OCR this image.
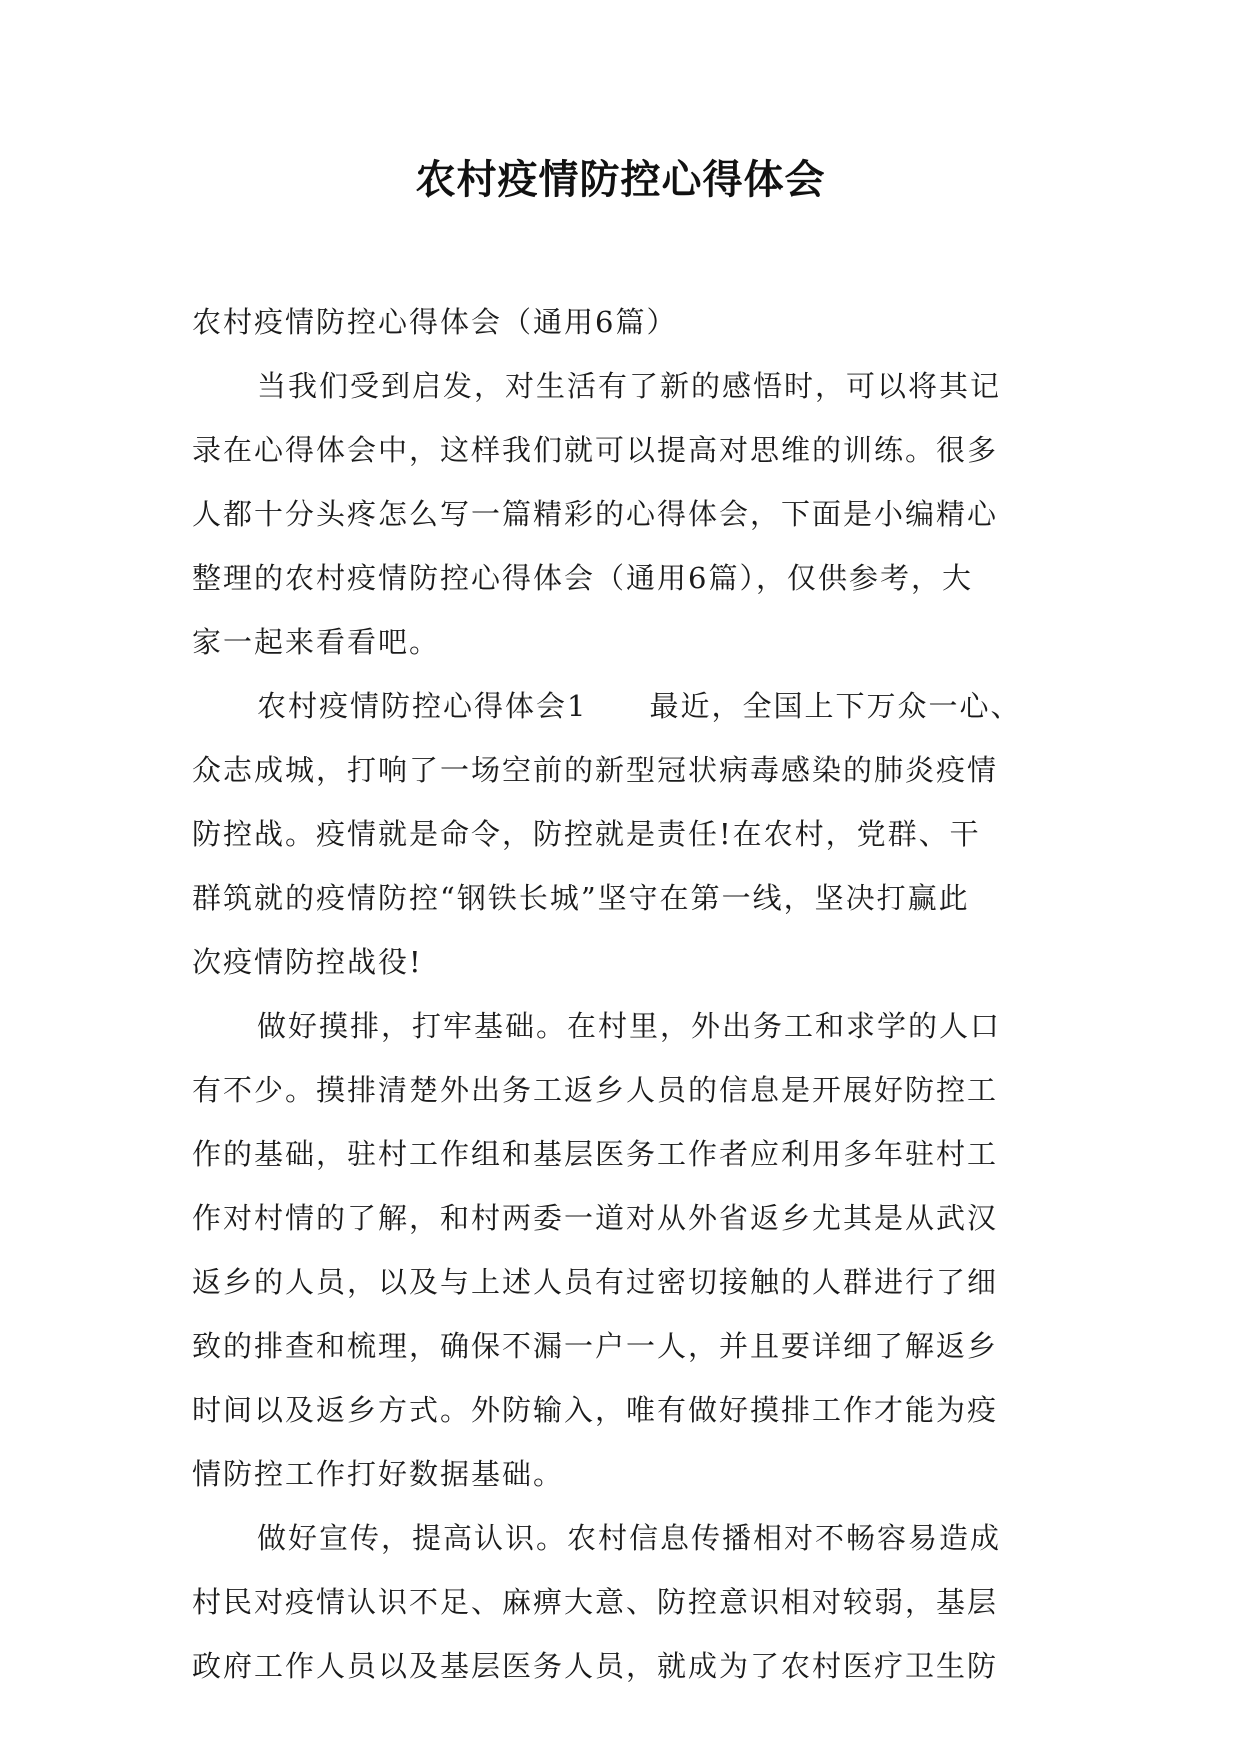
农村疫情防控心得体会
农村疫情防控心得体会（通用6篇）
当我们受到启发，对生活有了新的感悟时，可以将其记
录在心得体会中，这样我们就可以提高对思维的训练。很多
人都十分头疼怎么写一篇精彩的心得体会，下面是小编精心
整理的农村疫情防控心得体会（通用6篇），仅供参考，大
家一起来看看吧。
农村疫情防控心得体会1　　最近，全国上下万众一心、
众志成城，打响了一场空前的新型冠状病毒感染的肺炎疫情
防控战。疫情就是命令，防控就是责任!在农村，党群、干
群筑就的疫情防控“钢铁长城”坚守在第一线，坚决打赢此
次疫情防控战役!
做好摸排，打牢基础。在村里，外出务工和求学的人口
有不少。摸排清楚外出务工返乡人员的信息是开展好防控工
作的基础，驻村工作组和基层医务工作者应利用多年驻村工
作对村情的了解，和村两委一道对从外省返乡尤其是从武汉
返乡的人员，以及与上述人员有过密切接触的人群进行了细
致的排查和梳理，确保不漏一户一人，并且要详细了解返乡
时间以及返乡方式。外防输入，唯有做好摸排工作才能为疫
情防控工作打好数据基础。
做好宣传，提高认识。农村信息传播相对不畅容易造成
村民对疫情认识不足、麻痹大意、防控意识相对较弱，基层
政府工作人员以及基层医务人员，就成为了农村医疗卫生防
